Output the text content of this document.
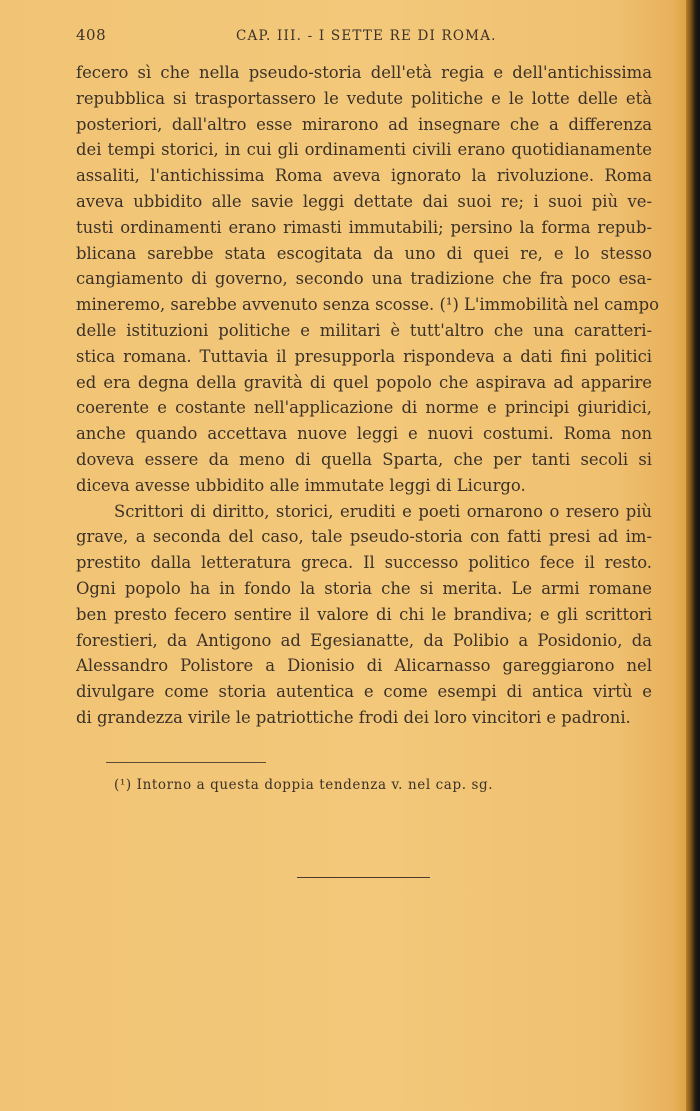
408	CAP. III. - I SETTE RE DI ROMA.
fecero sì che nella pseudo-storia dell'età regia e dell'antichissima
repubblica si trasportassero le vedute politiche e le lotte delle età
posteriori, dall'altro esse mirarono ad insegnare che a differenza
dei tempi storici, in cui gli ordinamenti civili erano quotidianamente
assaliti, l'antichissima Roma aveva ignorato la rivoluzione. Roma
aveva ubbidito alle savie leggi dettate dai suoi re; i suoi più ve-
tusti ordinamenti erano rimasti immutabili; persino la forma repub-
blicana sarebbe stata escogitata da uno di quei re, e lo stesso
cangiamento di governo, secondo una tradizione che fra poco esa-
mineremo, sarebbe avvenuto senza scosse. (¹) L'immobilità nel campo
delle istituzioni politiche e militari è tutt'altro che una caratteri-
stica romana. Tuttavia il presupporla rispondeva a dati fini politici
ed era degna della gravità di quel popolo che aspirava ad apparire
coerente e costante nell'applicazione di norme e principi giuridici,
anche quando accettava nuove leggi e nuovi costumi. Roma non
doveva essere da meno di quella Sparta, che per tanti secoli si
diceva avesse ubbidito alle immutate leggi di Licurgo.
Scrittori di diritto, storici, eruditi e poeti ornarono o resero più
grave, a seconda del caso, tale pseudo-storia con fatti presi ad im-
prestito dalla letteratura greca. Il successo politico fece il resto.
Ogni popolo ha in fondo la storia che si merita. Le armi romane
ben presto fecero sentire il valore di chi le brandiva; e gli scrittori
forestieri, da Antigono ad Egesianatte, da Polibio a Posidonio, da
Alessandro Polistore a Dionisio di Alicarnasso gareggiarono nel
divulgare come storia autentica e come esempi di antica virtù e
di grandezza virile le patriottiche frodi dei loro vincitori e padroni.
(¹) Intorno a questa doppia tendenza v. nel cap. sg.
